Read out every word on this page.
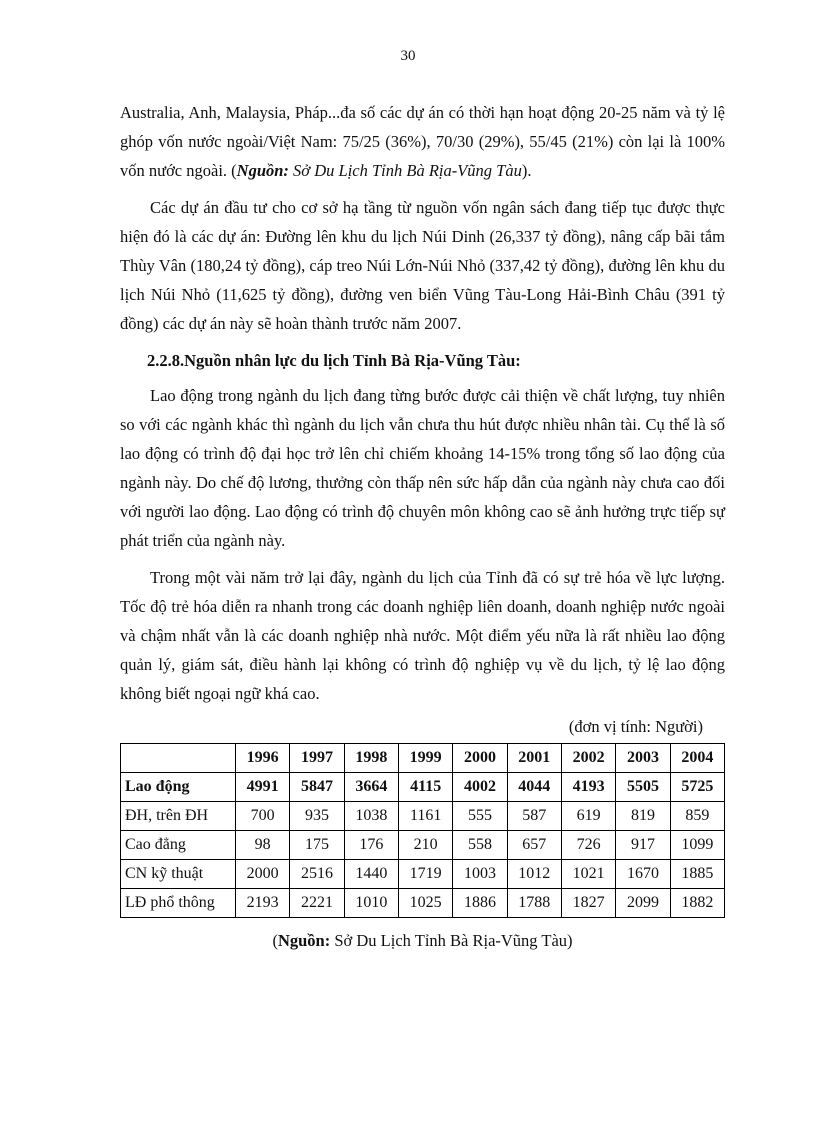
30

Australia, Anh, Malaysia, Pháp...đa số các dự án có thời hạn hoạt động 20-25 năm và tỷ lệ ghóp vốn nước ngoài/Việt Nam: 75/25 (36%), 70/30 (29%), 55/45 (21%) còn lại là 100% vốn nước ngoài. (Nguồn: Sở Du Lịch Tỉnh Bà Rịa-Vũng Tàu).

Các dự án đầu tư cho cơ sở hạ tầng từ nguồn vốn ngân sách đang tiếp tục được thực hiện đó là các dự án: Đường lên khu du lịch Núi Dinh (26,337 tỷ đồng), nâng cấp bãi tắm Thùy Vân (180,24 tỷ đồng), cáp treo Núi Lớn-Núi Nhỏ (337,42 tỷ đồng), đường lên khu du lịch Núi Nhỏ (11,625 tỷ đồng), đường ven biển Vũng Tàu-Long Hải-Bình Châu (391 tỷ đồng) các dự án này sẽ hoàn thành trước năm 2007.

2.2.8.Nguồn nhân lực du lịch Tỉnh Bà Rịa-Vũng Tàu:

Lao động trong ngành du lịch đang từng bước được cải thiện về chất lượng, tuy nhiên so với các ngành khác thì ngành du lịch vẫn chưa thu hút được nhiều nhân tài. Cụ thể là số lao động có trình độ đại học trở lên chỉ chiếm khoảng 14-15% trong tổng số lao động của ngành này. Do chế độ lương, thưởng còn thấp nên sức hấp dẫn của ngành này chưa cao đối với người lao động. Lao động có trình độ chuyên môn không cao sẽ ảnh hưởng trực tiếp sự phát triển của ngành này.

Trong một vài năm trở lại đây, ngành du lịch của Tỉnh đã có sự trẻ hóa về lực lượng. Tốc độ trẻ hóa diễn ra nhanh trong các doanh nghiệp liên doanh, doanh nghiệp nước ngoài và chậm nhất vẫn là các doanh nghiệp nhà nước. Một điểm yếu nữa là rất nhiều lao động quản lý, giám sát, điều hành lại không có trình độ nghiệp vụ về du lịch, tỷ lệ lao động không biết ngoại ngữ khá cao.

(đơn vị tính: Người)
	1996	1997	1998	1999	2000	2001	2002	2003	2004
Lao động	4991	5847	3664	4115	4002	4044	4193	5505	5725
ĐH, trên ĐH	700	935	1038	1161	555	587	619	819	859
Cao đẳng	98	175	176	210	558	657	726	917	1099
CN kỹ thuật	2000	2516	1440	1719	1003	1012	1021	1670	1885
LĐ phổ thông	2193	2221	1010	1025	1886	1788	1827	2099	1882
(Nguồn: Sở Du Lịch Tỉnh Bà Rịa-Vũng Tàu)
